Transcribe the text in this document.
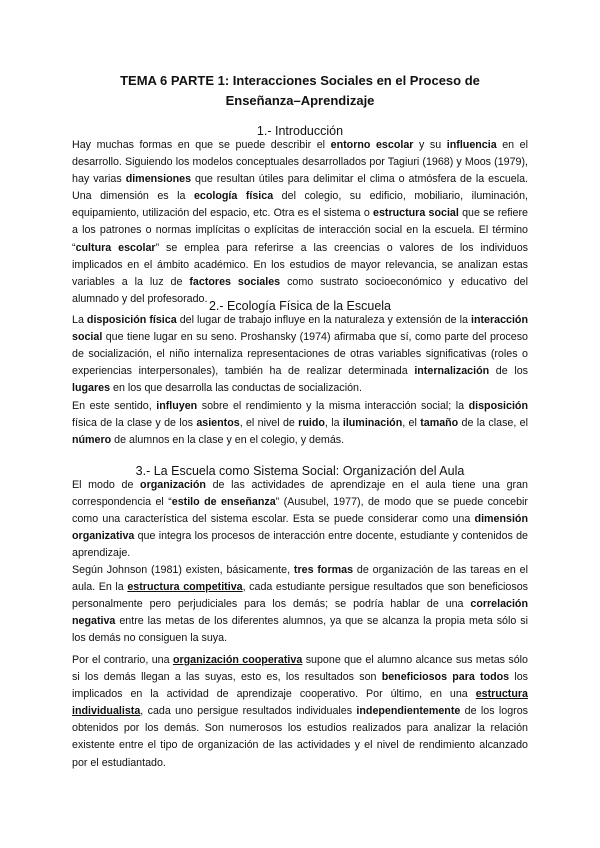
TEMA 6 PARTE 1: Interacciones Sociales en el Proceso de
Enseñanza–Aprendizaje
1.- Introducción

Hay muchas formas en que se puede describir el entorno escolar y su influencia en el desarrollo. Siguiendo los modelos conceptuales desarrollados por Tagiuri (1968) y Moos (1979), hay varias dimensiones que resultan útiles para delimitar el clima o atmósfera de la escuela. Una dimensión es la ecología física del colegio, su edificio, mobiliario, iluminación, equipamiento, utilización del espacio, etc. Otra es el sistema o estructura social que se refiere a los patrones o normas implícitas o explícitas de interacción social en la escuela. El término “cultura escolar” se emplea para referirse a las creencias o valores de los individuos implicados en el ámbito académico. En los estudios de mayor relevancia, se analizan estas variables a la luz de factores sociales como sustrato socioeconómico y educativo del alumnado y del profesorado.

2.- Ecología Física de la Escuela

La disposición física del lugar de trabajo influye en la naturaleza y extensión de la interacción social que tiene lugar en su seno. Proshansky (1974) afirmaba que sí, como parte del proceso de socialización, el niño internaliza representaciones de otras variables significativas (roles o experiencias interpersonales), también ha de realizar determinada internalización de los lugares en los que desarrolla las conductas de socialización.

En este sentido, influyen sobre el rendimiento y la misma interacción social; la disposición física de la clase y de los asientos, el nivel de ruido, la iluminación, el tamaño de la clase, el número de alumnos en la clase y en el colegio, y demás.

3.- La Escuela como Sistema Social: Organización del Aula

El modo de organización de las actividades de aprendizaje en el aula tiene una gran correspondencia el “estilo de enseñanza” (Ausubel, 1977), de modo que se puede concebir como una característica del sistema escolar. Esta se puede considerar como una dimensión organizativa que integra los procesos de interacción entre docente, estudiante y contenidos de aprendizaje.

Según Johnson (1981) existen, básicamente, tres formas de organización de las tareas en el aula. En la estructura competitiva, cada estudiante persigue resultados que son beneficiosos personalmente pero perjudiciales para los demás; se podría hablar de una correlación negativa entre las metas de los diferentes alumnos, ya que se alcanza la propia meta sólo si los demás no consiguen la suya.

Por el contrario, una organización cooperativa supone que el alumno alcance sus metas sólo si los demás llegan a las suyas, esto es, los resultados son beneficiosos para todos los implicados en la actividad de aprendizaje cooperativo. Por último, en una estructura individualista, cada uno persigue resultados individuales independientemente de los logros obtenidos por los demás. Son numerosos los estudios realizados para analizar la relación existente entre el tipo de organización de las actividades y el nivel de rendimiento alcanzado por el estudiantado.
